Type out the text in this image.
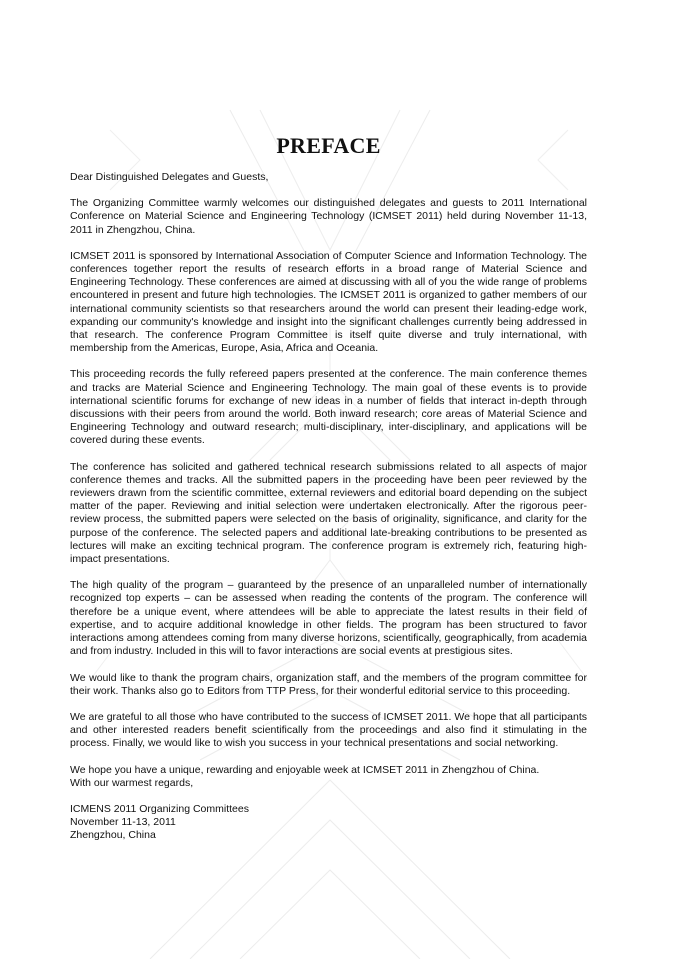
PREFACE

Dear Distinguished Delegates and Guests,

The Organizing Committee warmly welcomes our distinguished delegates and guests to 2011 International Conference on Material Science and Engineering Technology (ICMSET 2011) held during November 11-13, 2011 in Zhengzhou, China.

ICMSET 2011 is sponsored by International Association of Computer Science and Information Technology. The conferences together report the results of research efforts in a broad range of Material Science and Engineering Technology. These conferences are aimed at discussing with all of you the wide range of problems encountered in present and future high technologies. The ICMSET 2011 is organized to gather members of our international community scientists so that researchers around the world can present their leading-edge work, expanding our community's knowledge and insight into the significant challenges currently being addressed in that research. The conference Program Committee is itself quite diverse and truly international, with membership from the Americas, Europe, Asia, Africa and Oceania.

This proceeding records the fully refereed papers presented at the conference. The main conference themes and tracks are Material Science and Engineering Technology. The main goal of these events is to provide international scientific forums for exchange of new ideas in a number of fields that interact in-depth through discussions with their peers from around the world. Both inward research; core areas of Material Science and Engineering Technology and outward research; multi-disciplinary, inter-disciplinary, and applications will be covered during these events.

The conference has solicited and gathered technical research submissions related to all aspects of major conference themes and tracks. All the submitted papers in the proceeding have been peer reviewed by the reviewers drawn from the scientific committee, external reviewers and editorial board depending on the subject matter of the paper. Reviewing and initial selection were undertaken electronically. After the rigorous peer-review process, the submitted papers were selected on the basis of originality, significance, and clarity for the purpose of the conference. The selected papers and additional late-breaking contributions to be presented as lectures will make an exciting technical program. The conference program is extremely rich, featuring high-impact presentations.

The high quality of the program – guaranteed by the presence of an unparalleled number of internationally recognized top experts – can be assessed when reading the contents of the program. The conference will therefore be a unique event, where attendees will be able to appreciate the latest results in their field of expertise, and to acquire additional knowledge in other fields. The program has been structured to favor interactions among attendees coming from many diverse horizons, scientifically, geographically, from academia and from industry. Included in this will to favor interactions are social events at prestigious sites.

We would like to thank the program chairs, organization staff, and the members of the program committee for their work. Thanks also go to Editors from TTP Press, for their wonderful editorial service to this proceeding.

We are grateful to all those who have contributed to the success of ICMSET 2011. We hope that all participants and other interested readers benefit scientifically from the proceedings and also find it stimulating in the process. Finally, we would like to wish you success in your technical presentations and social networking.

We hope you have a unique, rewarding and enjoyable week at ICMSET 2011 in Zhengzhou of China.

With our warmest regards,

ICMENS 2011 Organizing Committees

November 11-13, 2011

Zhengzhou, China
